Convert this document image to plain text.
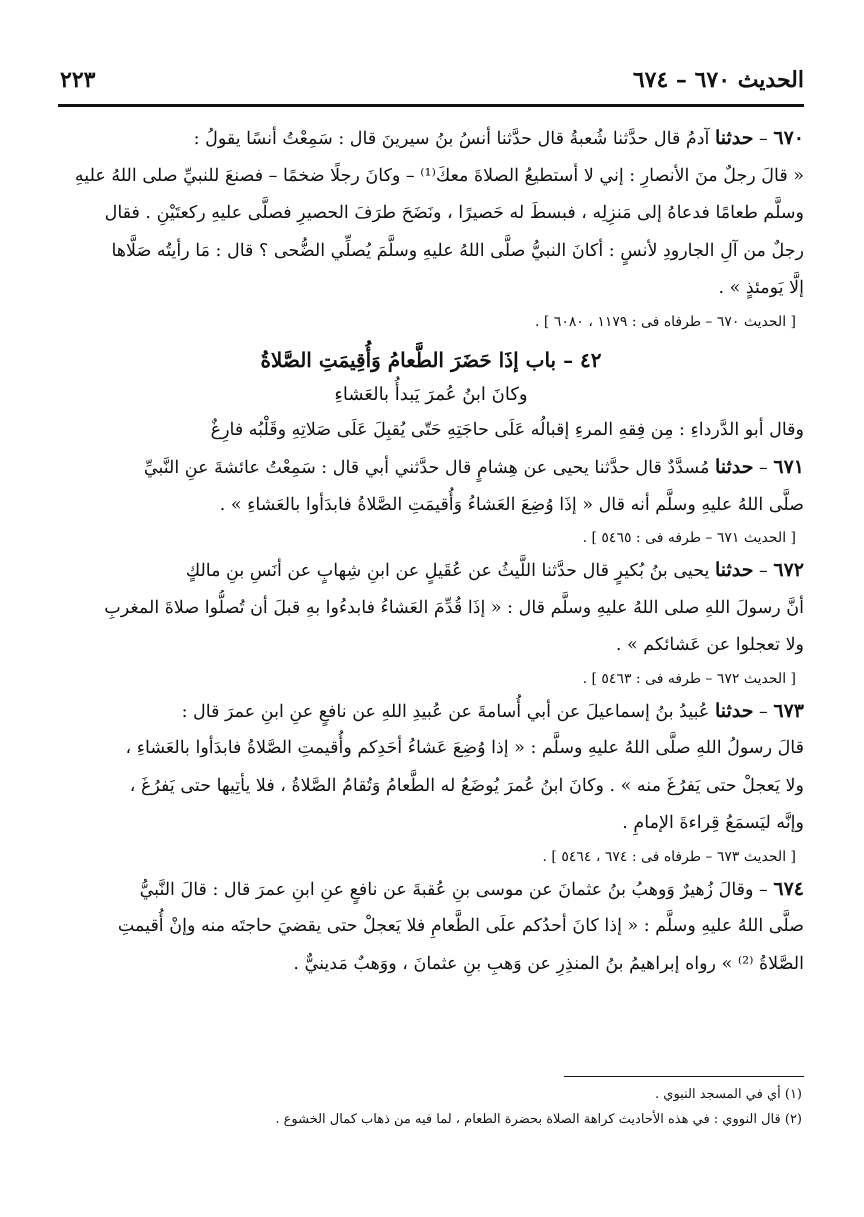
الحديث ٦٧٠ – ٦٧٤
٢٢٣
٦٧٠ – حدثنا آدمُ قال حدَّثنا شُعبةُ قال حدَّثنا أنسُ بنُ سيرينَ قال : سَمِعْتُ أنسًا يقولُ :
« قالَ رجلٌ منَ الأنصارِ : إني لا أستطيعُ الصلاةَ معكَ⁽¹⁾ – وكانَ رجلًا ضخمًا – فصنعَ للنبيِّ صلى اللهُ عليهِ
وسلَّم طعامًا فدعاهُ إلى مَنزِلِه ، فبسطَ له حَصيرًا ، ونَضَحَ طرَفَ الحصيرِ فصلَّى عليهِ ركعتَيْنِ . فقال
رجلٌ من آلِ الجارودِ لأنسٍ : أكانَ النبيُّ صلَّى اللهُ عليهِ وسلَّمَ يُصلِّي الضُّحى ؟ قال : مَا رأيتُه صَلَّاها
إلَّا يَومئذٍ » .
[ الحديث ٦٧٠ – طرفاه فى : ١١٧٩ ، ٦٠٨٠ ] .
٤٢ – باب إذَا حَضَرَ الطَّعامُ وَأُقِيمَتِ الصَّلاةُ
وكانَ ابنُ عُمرَ يَبدأُ بالعَشاءِ
وقال أبو الدَّرداءِ : مِن فِقهِ المرءِ إقبالُه عَلَى حاجَتِهِ حَتّى يُقبِلَ عَلَى صَلاتِهِ وقَلْبُه فارِغٌ
٦٧١ – حدثنا مُسدَّدٌ قال حدَّثنا يحيى عن هِشامٍ قال حدَّثني أبي قال : سَمِعْتُ عائشةَ عنِ النَّبيِّ
صلَّى اللهُ عليهِ وسلَّم أنه قال « إذَا وُضِعَ العَشاءُ وَأُقيمَتِ الصَّلاةُ فابدَأوا بالعَشاءِ » .
[ الحديث ٦٧١ – طرفه فى : ٥٤٦٥ ] .
٦٧٢ – حدثنا يحيى بنُ بُكيرٍ قال حدَّثنا اللَّيثُ عن عُقَيلٍ عن ابنِ شِهابٍ عن أنَسِ بنِ مالكٍ
أنَّ رسولَ اللهِ صلى اللهُ عليهِ وسلَّم قال : « إذَا قُدِّمَ العَشاءُ فابدءُوا بهِ قبلَ أن تُصلُّوا صلاةَ المغربِ
ولا تعجلوا عن عَشائكم » .
[ الحديث ٦٧٢ – طرفه فى : ٥٤٦٣ ] .
٦٧٣ – حدثنا عُبيدُ بنُ إسماعيلَ عن أبي أُسامةَ عن عُبيدِ اللهِ عن نافعٍ عنِ ابنِ عمرَ قال :
قالَ رسولُ اللهِ صلَّى اللهُ عليهِ وسلَّم : « إذا وُضِعَ عَشاءُ أحَدِكم وأُقيمتِ الصَّلاةُ فابدَأوا بالعَشاءِ ،
ولا يَعجلْ حتى يَفرُغَ منه » . وكانَ ابنُ عُمرَ يُوضَعُ له الطَّعامُ وَتُقامُ الصَّلاةُ ، فلا يأتِيها حتى يَفرُغَ ،
وإنَّه ليَسمَعُ قِراءةَ الإمامِ .
[ الحديث ٦٧٣ – طرفاه فى : ٦٧٤ ، ٥٤٦٤ ] .
٦٧٤ – وقالَ زُهيرٌ وَوهبُ بنُ عثمانَ عن موسى بنِ عُقبةَ عن نافعٍ عنِ ابنِ عمرَ قال : قالَ النَّبيُّ
صلَّى اللهُ عليهِ وسلَّم : « إذا كانَ أحدُكم علَى الطَّعامِ فلا يَعجلْ حتى يقضيَ حاجتَه منه وإنْ أُقيمتِ
الصَّلاةُ ⁽²⁾ » رواه إبراهيمُ بنُ المنذِرِ عن وَهبِ بنِ عثمانَ ، ووَهبٌ مَدينيٌّ .
(١) أي في المسجد النبوي .
(٢) قال النووي : في هذه الأحاديث كراهة الصلاة بحضرة الطعام ، لما فيه من ذهاب كمال الخشوع .
